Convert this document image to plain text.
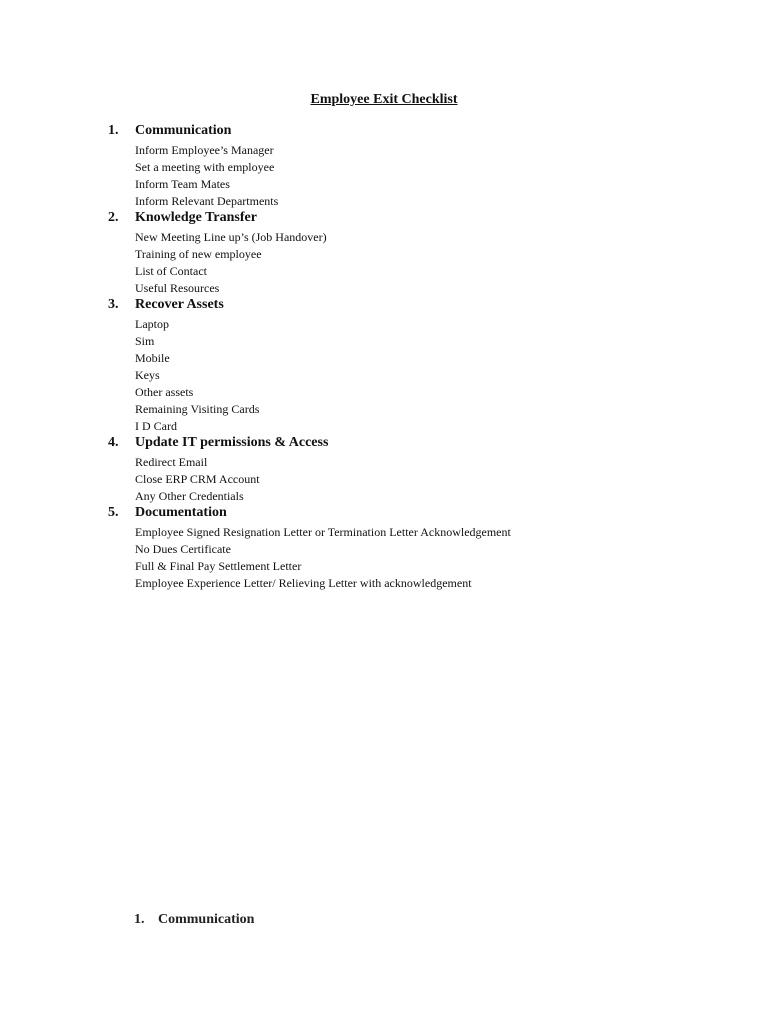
Employee Exit Checklist
1.	Communication
Inform Employee’s Manager
Set a meeting with employee
Inform Team Mates
Inform Relevant Departments
2.	Knowledge Transfer
New Meeting Line up’s (Job Handover)
Training of new employee
List of Contact
Useful Resources
3.	Recover Assets
Laptop
Sim
Mobile
Keys
Other assets
Remaining Visiting Cards
I D Card
4.	Update IT permissions & Access
Redirect Email
Close ERP CRM Account
Any Other Credentials
5.	Documentation
Employee Signed Resignation Letter or Termination Letter Acknowledgement
No Dues Certificate
Full & Final Pay Settlement Letter
Employee Experience Letter/ Relieving Letter with acknowledgement
1. Communication
